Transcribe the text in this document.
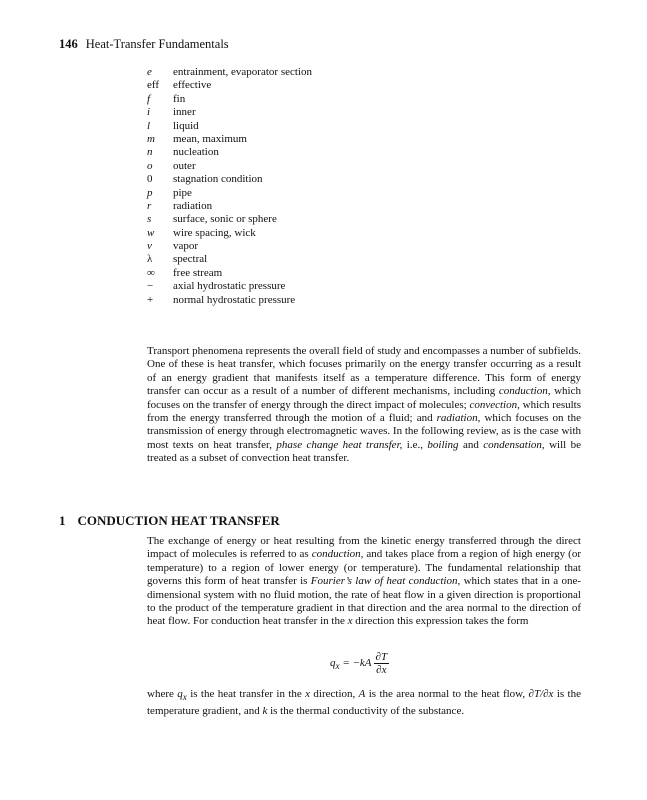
146 Heat-Transfer Fundamentals
e entrainment, evaporator section
eff effective
f fin
i inner
l liquid
m mean, maximum
n nucleation
o outer
0 stagnation condition
p pipe
r radiation
s surface, sonic or sphere
w wire spacing, wick
v vapor
λ spectral
∞ free stream
− axial hydrostatic pressure
+ normal hydrostatic pressure

Transport phenomena represents the overall field of study and encompasses a number of subfields. One of these is heat transfer, which focuses primarily on the energy transfer occurring as a result of an energy gradient that manifests itself as a temperature difference. This form of energy transfer can occur as a result of a number of different mechanisms, including conduction, which focuses on the transfer of energy through the direct impact of molecules; convection, which results from the energy transferred through the motion of a fluid; and radiation, which focuses on the transmission of energy through electromagnetic waves. In the following review, as is the case with most texts on heat transfer, phase change heat transfer, i.e., boiling and condensation, will be treated as a subset of convection heat transfer.

1 CONDUCTION HEAT TRANSFER

The exchange of energy or heat resulting from the kinetic energy transferred through the direct impact of molecules is referred to as conduction, and takes place from a region of high energy (or temperature) to a region of lower energy (or temperature). The fundamental relationship that governs this form of heat transfer is Fourier’s law of heat conduction, which states that in a one-dimensional system with no fluid motion, the rate of heat flow in a given direction is proportional to the product of the temperature gradient in that direction and the area normal to the direction of heat flow. For conduction heat transfer in the x direction this expression takes the form

$q_x = -kA \frac{\partial T}{\partial x}$

where $q_x$ is the heat transfer in the x direction, A is the area normal to the heat flow, ∂T/∂x is the temperature gradient, and k is the thermal conductivity of the substance.
